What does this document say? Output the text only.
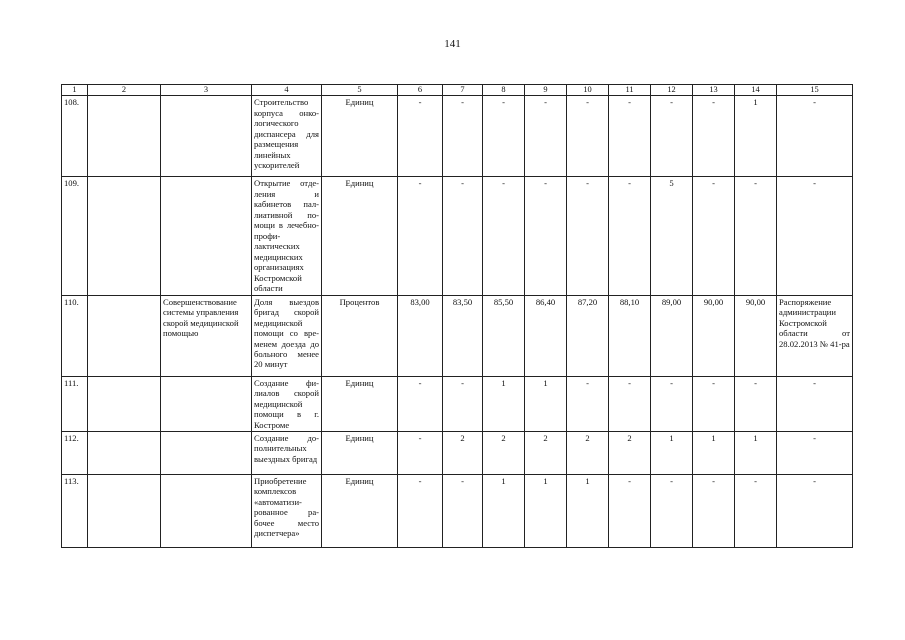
141
1	2	3	4	5	6	7	8	9	10	11	12	13	14	15
108.			Строительство корпуса онко-логического диспансера для размещения линейных ускорителей	Единиц	-	-	-	-	-	-	-	-	1	-
109.			Открытие отде-ления и кабинетов пал-лиативной по-мощи в лечебно-профи-лактических медицинских организациях Костромской области	Единиц	-	-	-	-	-	-	5	-	-	-
110.		Совершенствование системы управления скорой медицинской помощью	Доля выездов бригад скорой медицинской помощи со вре-менем доезда до больного менее 20 минут	Процентов	83,00	83,50	85,50	86,40	87,20	88,10	89,00	90,00	90,00	Распоряжение администрации Костромской области от 28.02.2013 № 41-ра
111.			Создание фи-лиалов скорой медицинской помощи в г. Костроме	Единиц	-	-	1	1	-	-	-	-	-	-
112.			Создание до-полнительных выездных бригад	Единиц	-	2	2	2	2	2	1	1	1	-
113.			Приобретение комплексов «автоматизи-рованное ра-бочее место диспетчера»	Единиц	-	-	1	1	1	-	-	-	-	-
